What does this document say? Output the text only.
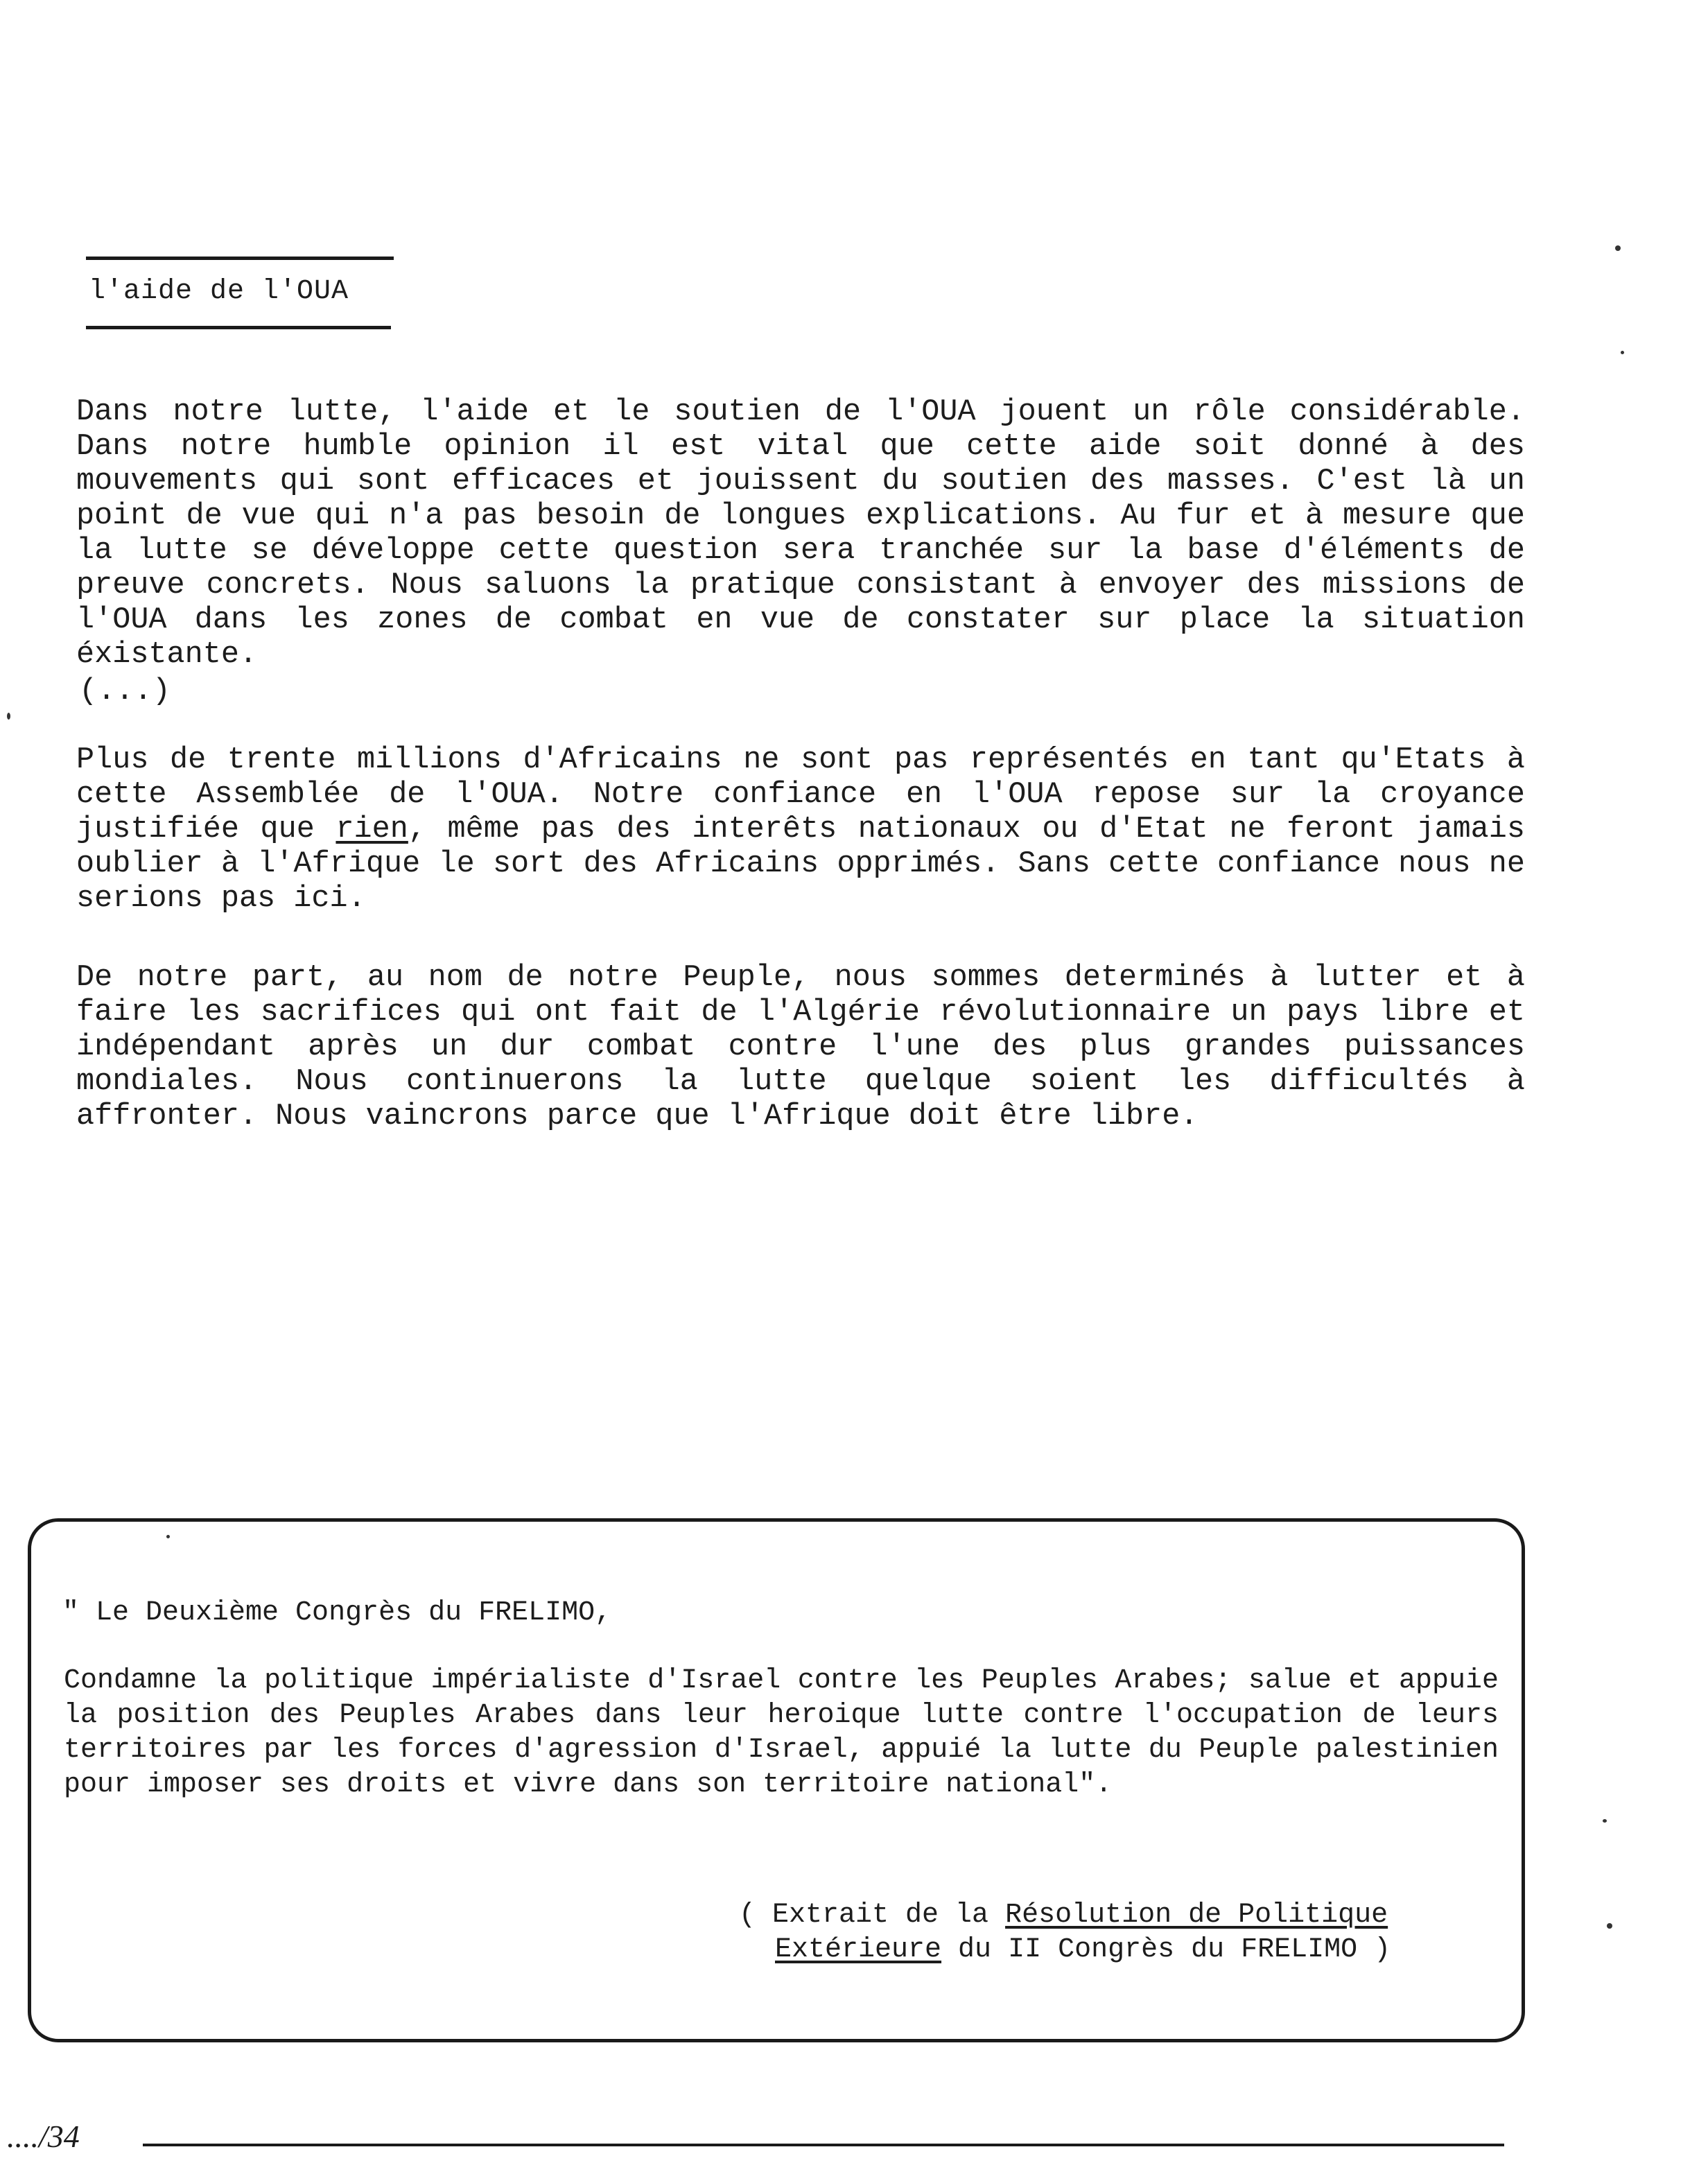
l'aide de l'OUA

Dans notre lutte, l'aide et le soutien de l'OUA jouent un rôle considérable. Dans notre humble opinion il est vital que cette aide soit donné à des mouvements qui sont efficaces et jouissent du soutien des masses. C'est là un point de vue qui n'a pas besoin de longues explications. Au fur et à mesure que la lutte se développe cette question sera tranchée sur la base d'éléments de preuve concrets. Nous saluons la pratique consistant à envoyer des missions de l'OUA dans les zones de combat en vue de constater sur place la situation éxistante.

(...)

Plus de trente millions d'Africains ne sont pas représentés en tant qu'Etats à cette Assemblée de l'OUA. Notre confiance en l'OUA repose sur la croyance justifiée que rien, même pas des interêts nationaux ou d'Etat ne feront jamais oublier à l'Afrique le sort des Africains opprimés. Sans cette confiance nous ne serions pas ici.

De notre part, au nom de notre Peuple, nous sommes determinés à lutter et à faire les sacrifices qui ont fait de l'Algérie révolutionnaire un pays libre et indépendant après un dur combat contre l'une des plus grandes puissances mondiales. Nous continuerons la lutte quelque soient les difficultés à affronter. Nous vaincrons parce que l'Afrique doit être libre.

" Le Deuxième Congrès du FRELIMO,

Condamne la politique impérialiste d'Israel contre les Peuples Arabes; salue et appuie la position des Peuples Arabes dans leur heroique lutte contre l'occupation de leurs territoires par les forces d'agression d'Israel, appuié la lutte du Peuple palestinien pour imposer ses droits et vivre dans son territoire national".

( Extrait de la Résolution de Politique
Extérieure du II Congrès du FRELIMO )
..../34
